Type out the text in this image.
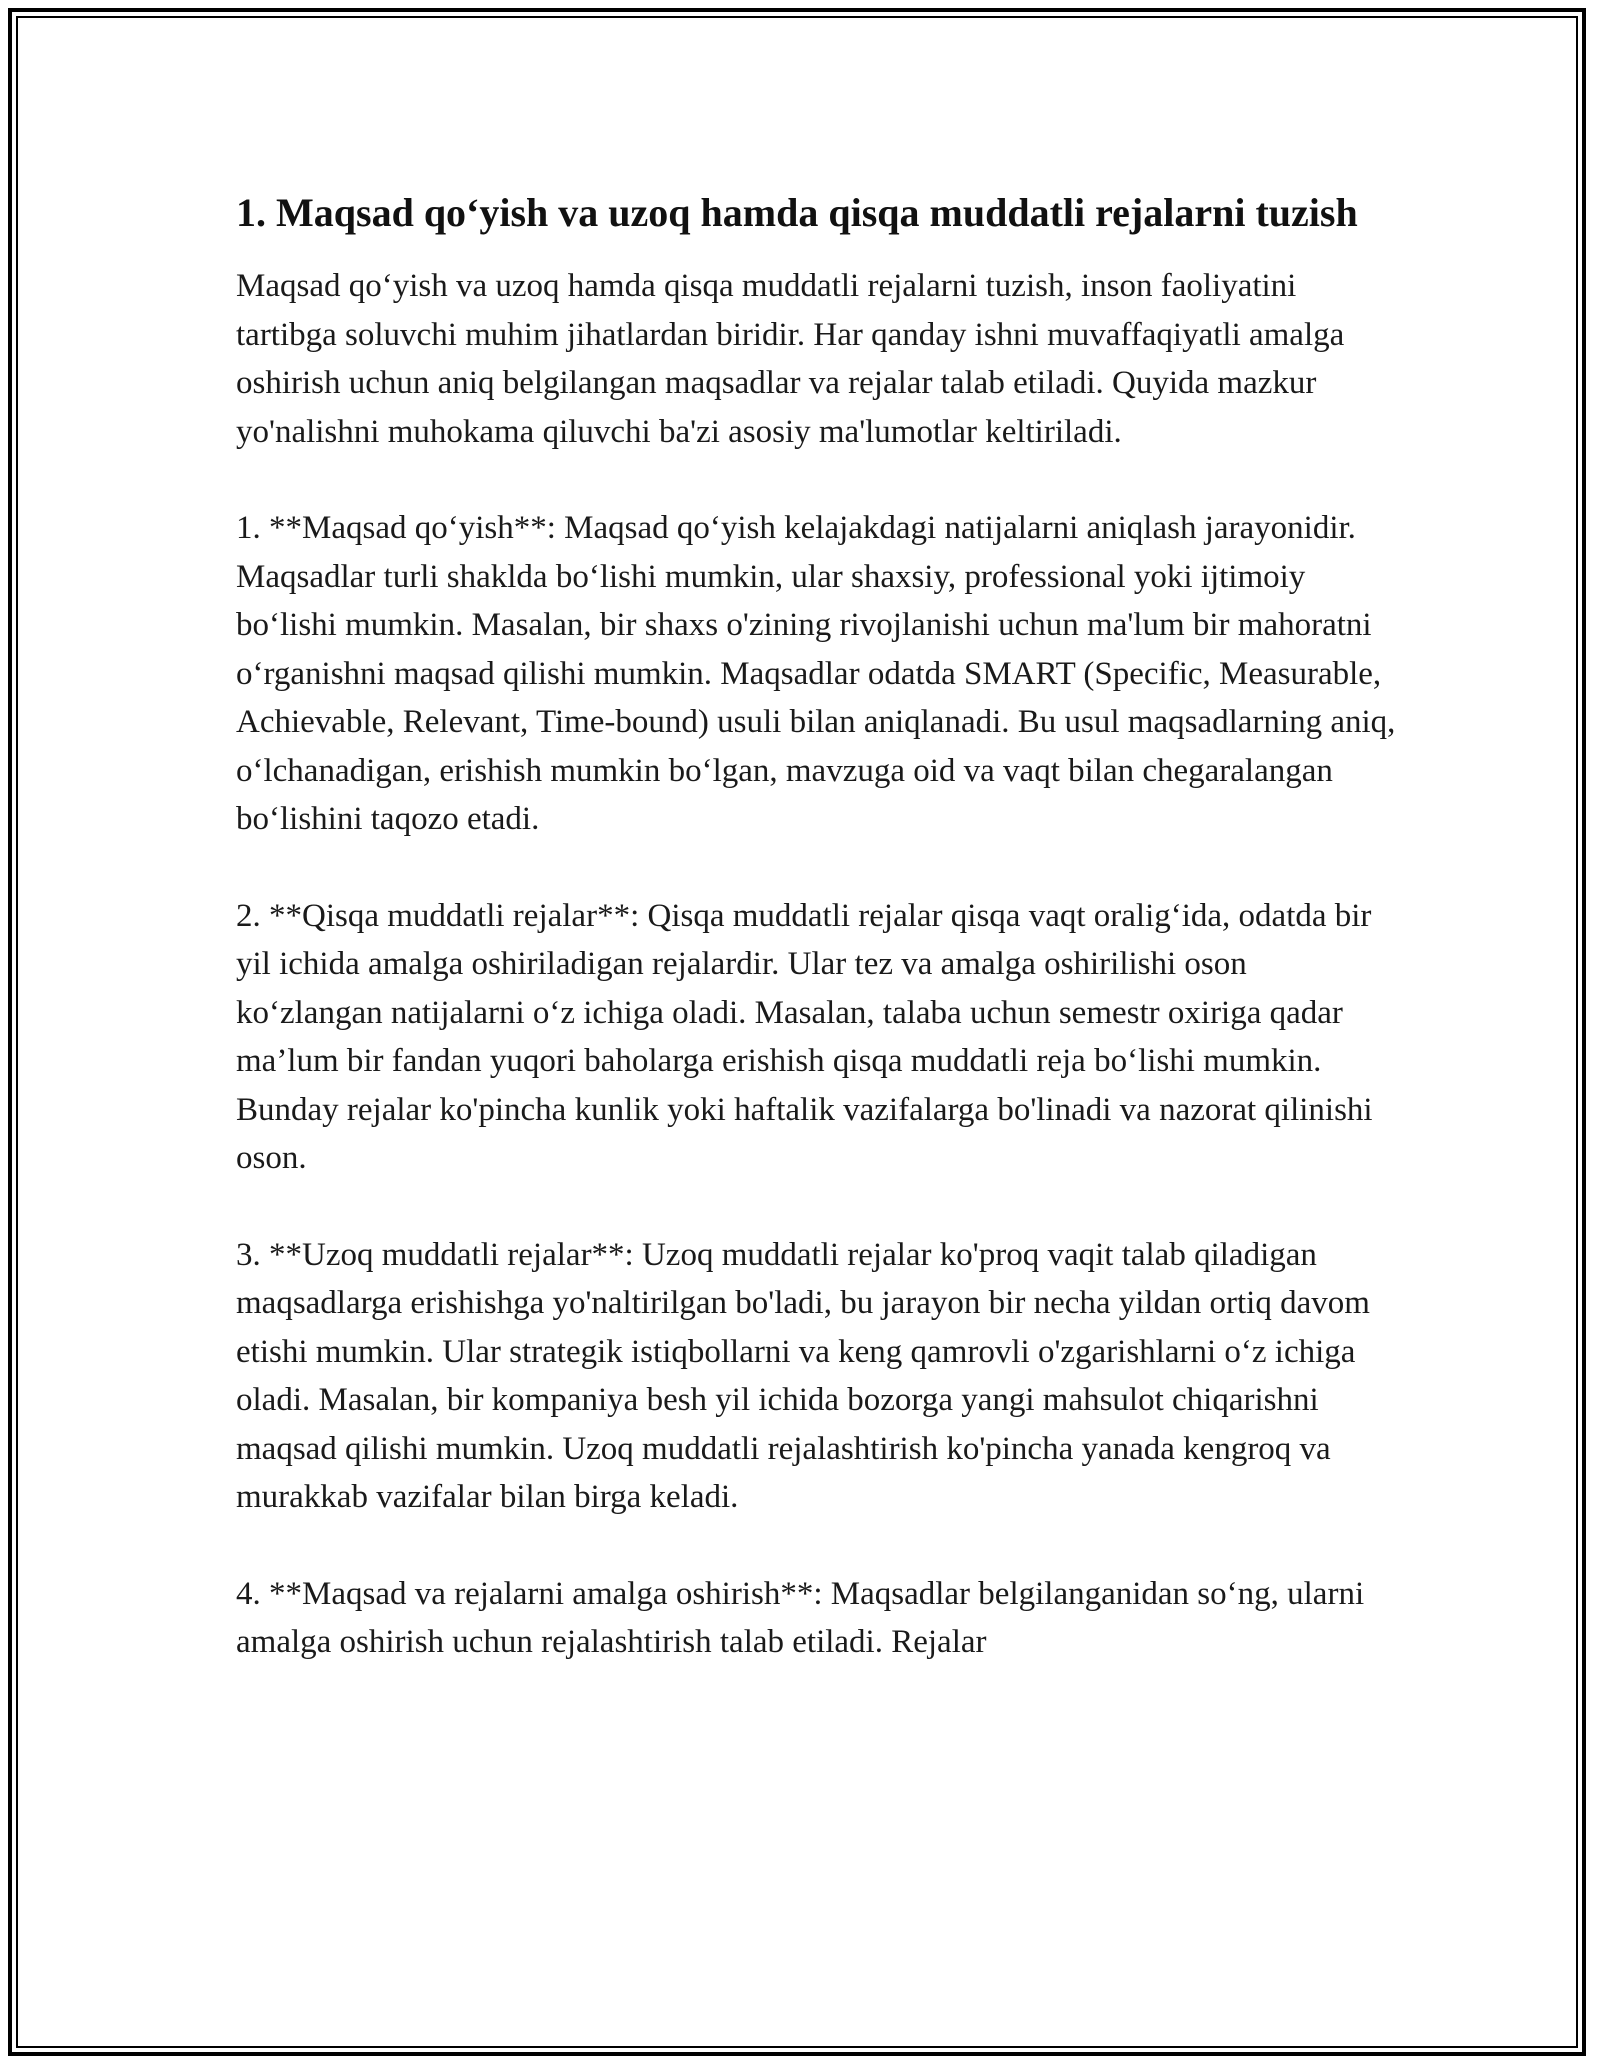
1. Maqsad qo‘yish va uzoq hamda qisqa muddatli rejalarni tuzish

Maqsad qo‘yish va uzoq hamda qisqa muddatli rejalarni tuzish, inson faoliyatini tartibga soluvchi muhim jihatlardan biridir. Har qanday ishni muvaffaqiyatli amalga oshirish uchun aniq belgilangan maqsadlar va rejalar talab etiladi. Quyida mazkur yo'nalishni muhokama qiluvchi ba'zi asosiy ma'lumotlar keltiriladi.

1. **Maqsad qo‘yish**: Maqsad qo‘yish kelajakdagi natijalarni aniqlash jarayonidir. Maqsadlar turli shaklda bo‘lishi mumkin, ular shaxsiy, professional yoki ijtimoiy bo‘lishi mumkin. Masalan, bir shaxs o'zining rivojlanishi uchun ma'lum bir mahoratni o‘rganishni maqsad qilishi mumkin. Maqsadlar odatda SMART (Specific, Measurable, Achievable, Relevant, Time-bound) usuli bilan aniqlanadi. Bu usul maqsadlarning aniq, o‘lchanadigan, erishish mumkin bo‘lgan, mavzuga oid va vaqt bilan chegaralangan bo‘lishini taqozo etadi.

2. **Qisqa muddatli rejalar**: Qisqa muddatli rejalar qisqa vaqt oralig‘ida, odatda bir yil ichida amalga oshiriladigan rejalardir. Ular tez va amalga oshirilishi oson ko‘zlangan natijalarni o‘z ichiga oladi. Masalan, talaba uchun semestr oxiriga qadar ma’lum bir fandan yuqori baholarga erishish qisqa muddatli reja bo‘lishi mumkin. Bunday rejalar ko'pincha kunlik yoki haftalik vazifalarga bo'linadi va nazorat qilinishi oson.

3. **Uzoq muddatli rejalar**: Uzoq muddatli rejalar ko'proq vaqit talab qiladigan maqsadlarga erishishga yo'naltirilgan bo'ladi, bu jarayon bir necha yildan ortiq davom etishi mumkin. Ular strategik istiqbollarni va keng qamrovli o'zgarishlarni o‘z ichiga oladi. Masalan, bir kompaniya besh yil ichida bozorga yangi mahsulot chiqarishni maqsad qilishi mumkin. Uzoq muddatli rejalashtirish ko'pincha yanada kengroq va murakkab vazifalar bilan birga keladi.

4. **Maqsad va rejalarni amalga oshirish**: Maqsadlar belgilanganidan so‘ng, ularni amalga oshirish uchun rejalashtirish talab etiladi. Rejalar
